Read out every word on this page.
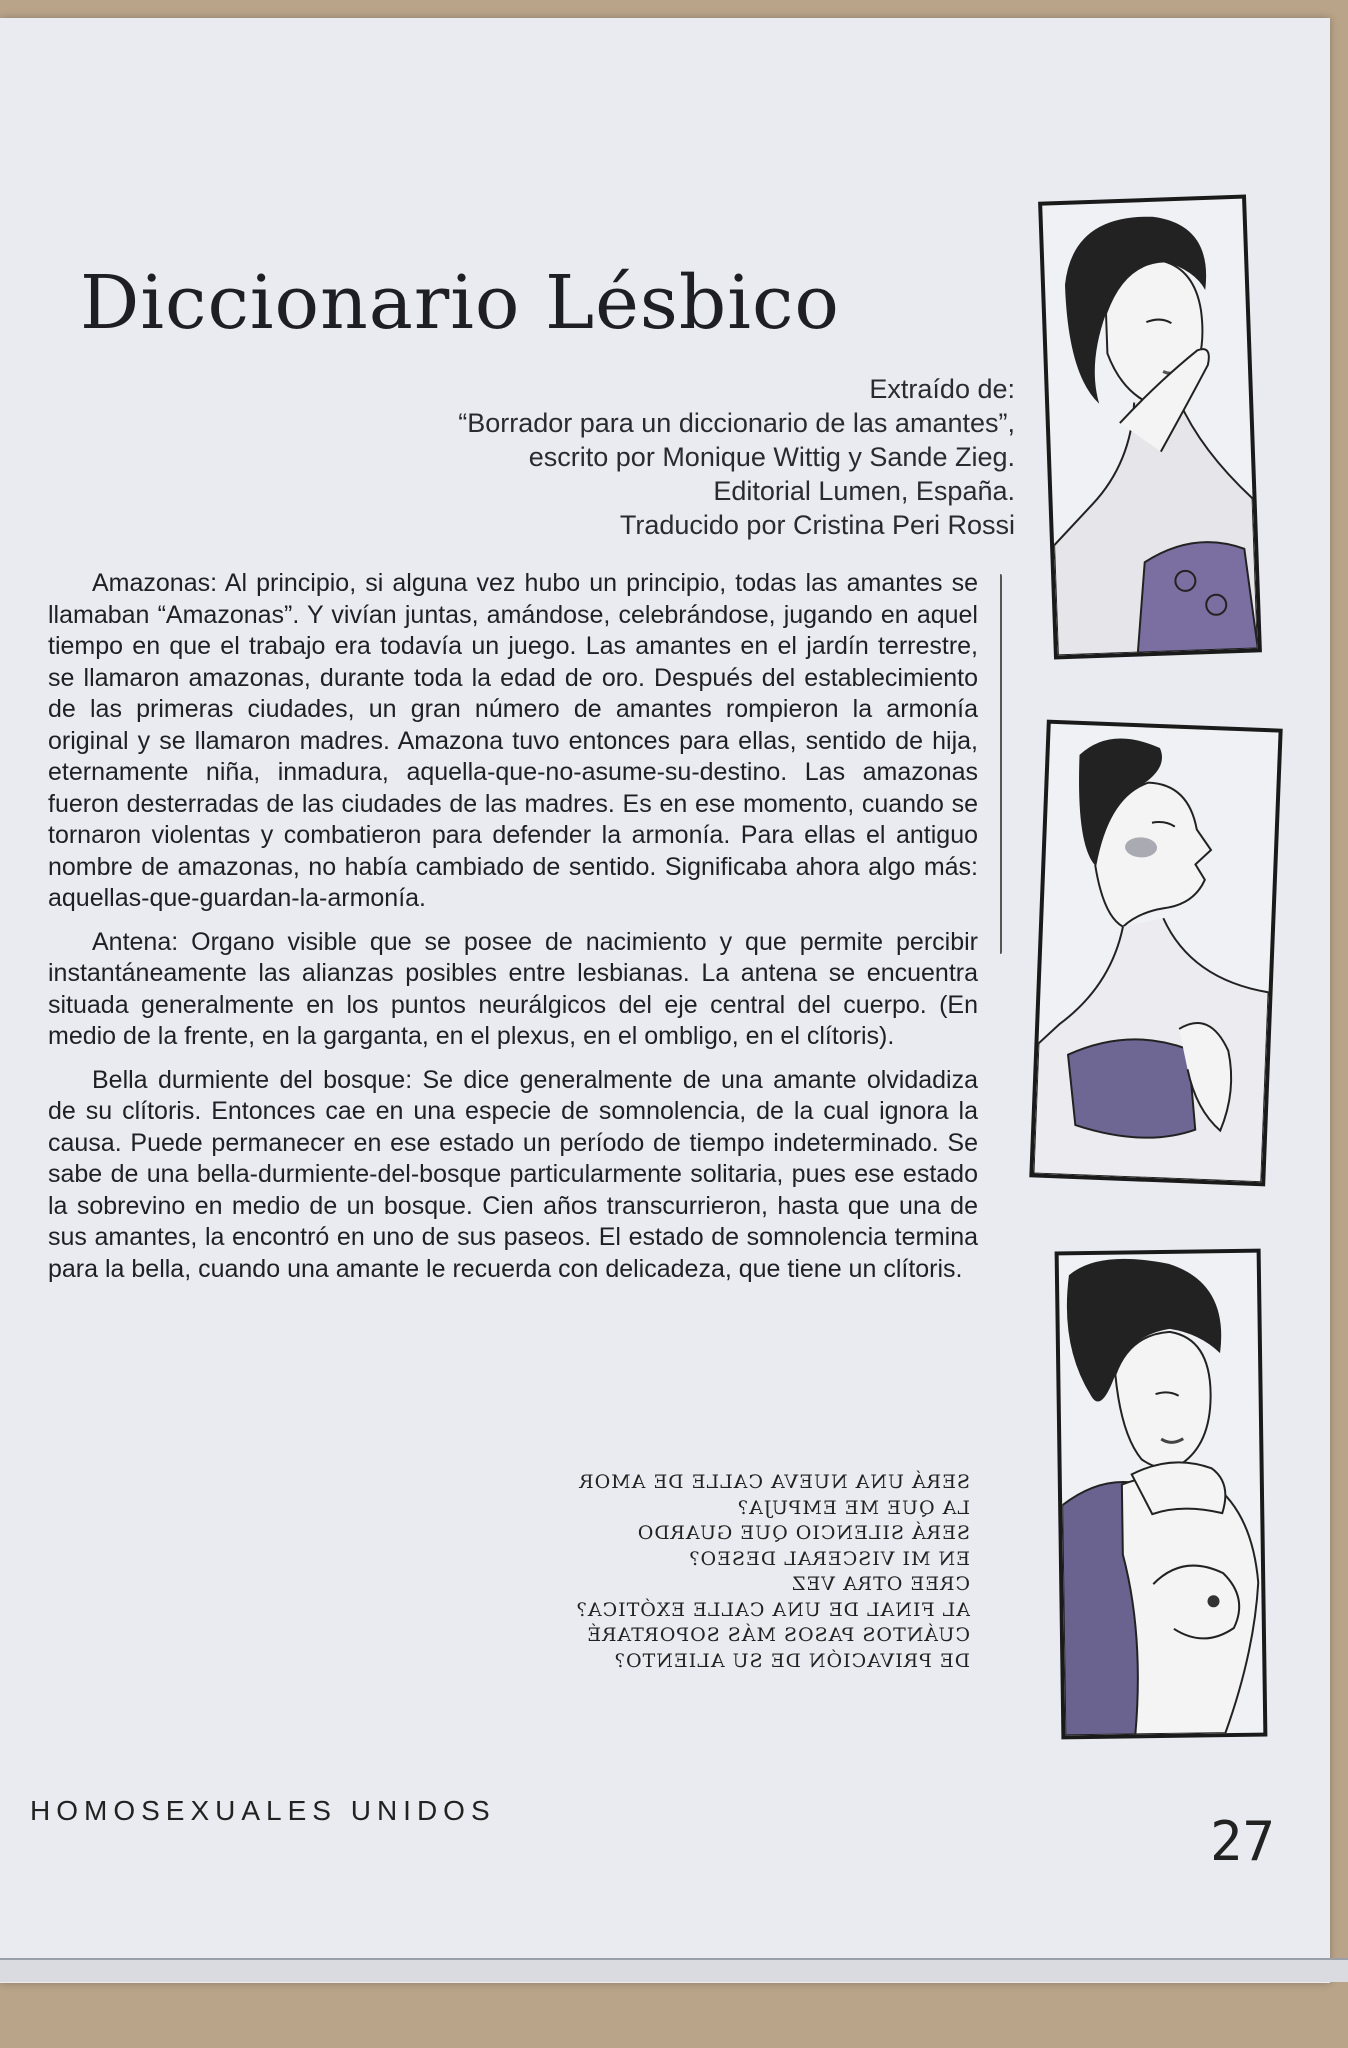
Diccionario Lésbico
Extraído de:
“Borrador para un diccionario de las amantes”,
escrito por Monique Wittig y Sande Zieg.
Editorial Lumen, España.
Traducido por Cristina Peri Rossi

Amazonas: Al principio, si alguna vez hubo un principio, todas las amantes se llamaban “Amazonas”. Y vivían juntas, amándose, celebrándose, jugando en aquel tiempo en que el trabajo era todavía un juego. Las amantes en el jardín terrestre, se llamaron amazonas, durante toda la edad de oro. Después del establecimiento de las primeras ciudades, un gran número de amantes rompieron la armonía original y se llamaron madres. Amazona tuvo entonces para ellas, sentido de hija, eternamente niña, inmadura, aquella-que-no-asume-su-destino. Las amazonas fueron desterradas de las ciudades de las madres. Es en ese momento, cuando se tornaron violentas y combatieron para defender la armonía. Para ellas el antiguo nombre de amazonas, no había cambiado de sentido. Significaba ahora algo más: aquellas-que-guardan-la-armonía.

Antena: Organo visible que se posee de nacimiento y que permite percibir instantáneamente las alianzas posibles entre lesbianas. La antena se encuentra situada generalmente en los puntos neurálgicos del eje central del cuerpo. (En medio de la frente, en la garganta, en el plexus, en el ombligo, en el clítoris).

Bella durmiente del bosque: Se dice generalmente de una amante olvidadiza de su clítoris. Entonces cae en una especie de somnolencia, de la cual ignora la causa. Puede permanecer en ese estado un período de tiempo indeterminado. Se sabe de una bella-durmiente-del-bosque particularmente solitaria, pues ese estado la sobrevino en medio de un bosque. Cien años transcurrieron, hasta que una de sus amantes, la encontró en uno de sus paseos. El estado de somnolencia termina para la bella, cuando una amante le recuerda con delicadeza, que tiene un clítoris.

SERÁ UNA NUEVA CALLE DE AMOR
LA QUE ME EMPUJA?
SERÁ SILENCIO QUE GUARDO
EN MI VISCERAL DESEO?
CREE OTRA VEZ
AL FINAL DE UNA CALLE EXÓTICA?
CUÁNTOS PASOS MÁS SOPORTARÉ
DE PRIVACIÓN DE SU ALIENTO?
HOMOSEXUALES UNIDOS	27
